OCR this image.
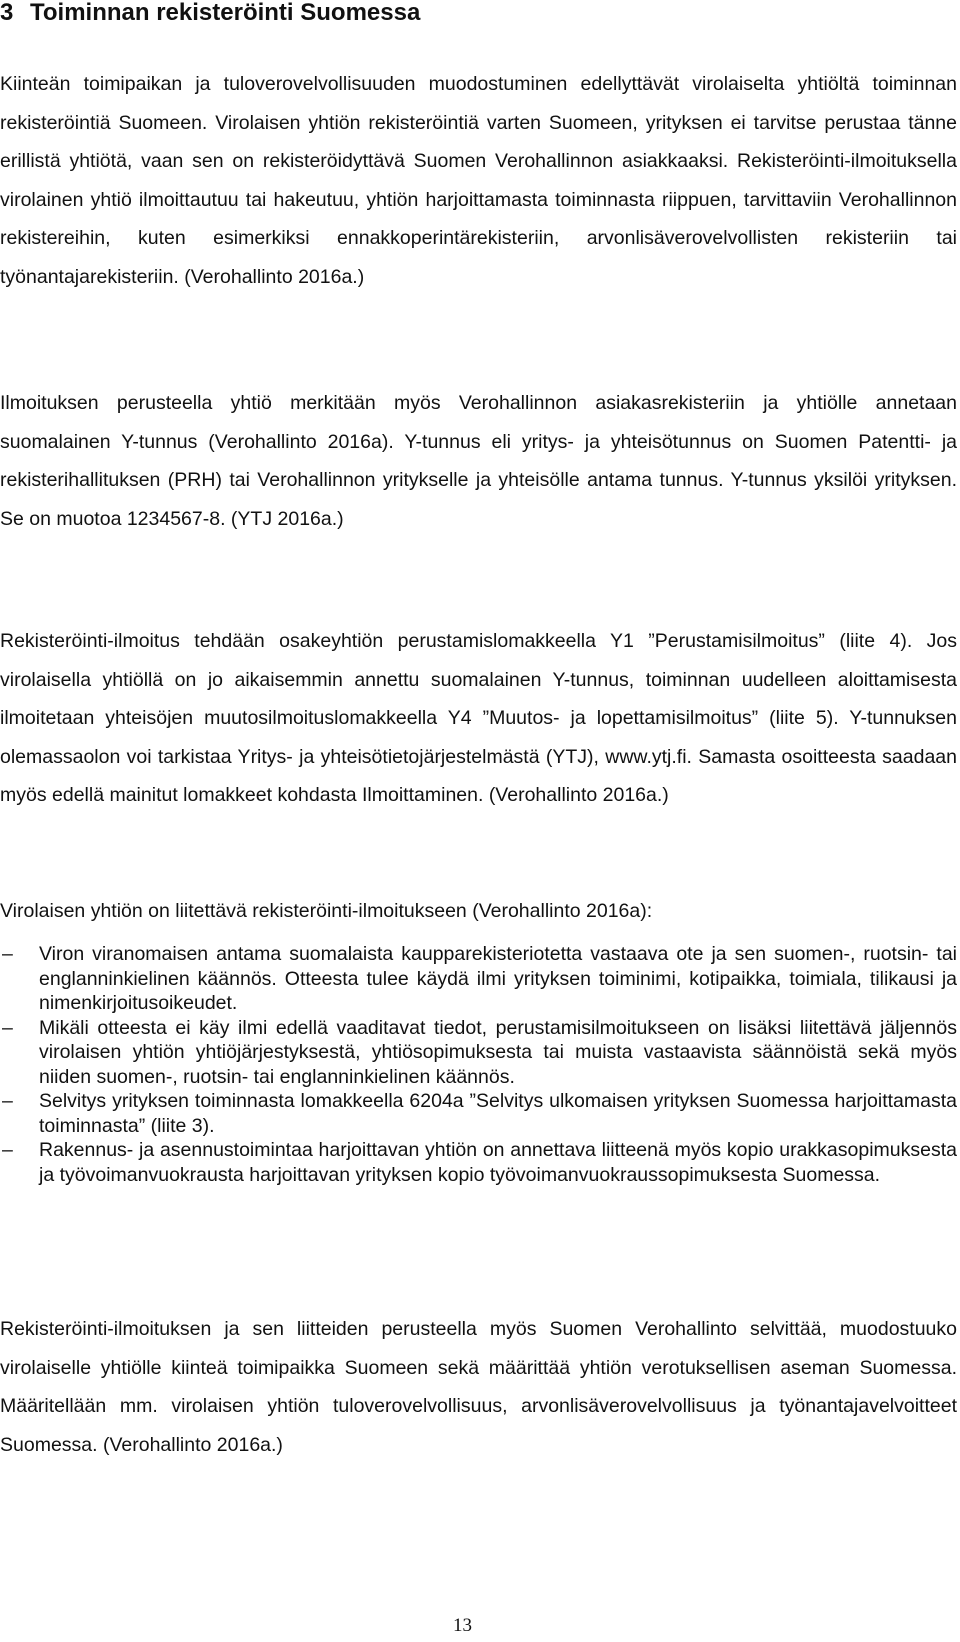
3 Toiminnan rekisteröinti Suomessa

Kiinteän toimipaikan ja tuloverovelvollisuuden muodostuminen edellyttävät virolaiselta yhtiöltä toiminnan rekisteröintiä Suomeen. Virolaisen yhtiön rekisteröintiä varten Suomeen, yrityksen ei tarvitse perustaa tänne erillistä yhtiötä, vaan sen on rekisteröidyttävä Suomen Verohallinnon asiakkaaksi. Rekisteröinti-ilmoituksella virolainen yhtiö ilmoittautuu tai hakeutuu, yhtiön harjoittamasta toiminnasta riippuen, tarvittaviin Verohallinnon rekistereihin, kuten esimerkiksi ennakkoperintärekisteriin, arvonlisäverovelvollisten rekisteriin tai työnantajarekisteriin. (Verohallinto 2016a.)

Ilmoituksen perusteella yhtiö merkitään myös Verohallinnon asiakasrekisteriin ja yhtiölle annetaan suomalainen Y-tunnus (Verohallinto 2016a). Y-tunnus eli yritys- ja yhteisötunnus on Suomen Patentti- ja rekisterihallituksen (PRH) tai Verohallinnon yritykselle ja yhteisölle antama tunnus. Y-tunnus yksilöi yrityksen. Se on muotoa 1234567-8. (YTJ 2016a.)

Rekisteröinti-ilmoitus tehdään osakeyhtiön perustamislomakkeella Y1 ”Perustamisilmoitus” (liite 4). Jos virolaisella yhtiöllä on jo aikaisemmin annettu suomalainen Y-tunnus, toiminnan uudelleen aloittamisesta ilmoitetaan yhteisöjen muutosilmoituslomakkeella Y4 ”Muutos- ja lopettamisilmoitus” (liite 5). Y-tunnuksen olemassaolon voi tarkistaa Yritys- ja yhteisötietojärjestelmästä (YTJ), www.ytj.fi. Samasta osoitteesta saadaan myös edellä mainitut lomakkeet kohdasta Ilmoittaminen. (Verohallinto 2016a.)

Virolaisen yhtiön on liitettävä rekisteröinti-ilmoitukseen (Verohallinto 2016a):

–	Viron viranomaisen antama suomalaista kaupparekisteriotetta vastaava ote ja sen suomen-, ruotsin- tai englanninkielinen käännös. Otteesta tulee käydä ilmi yrityksen toiminimi, kotipaikka, toimiala, tilikausi ja nimenkirjoitusoikeudet.
–	Mikäli otteesta ei käy ilmi edellä vaaditavat tiedot, perustamisilmoitukseen on lisäksi liitettävä jäljennös virolaisen yhtiön yhtiöjärjestyksestä, yhtiösopimuksesta tai muista vastaavista säännöistä sekä myös niiden suomen-, ruotsin- tai englanninkielinen käännös.
–	Selvitys yrityksen toiminnasta lomakkeella 6204a ”Selvitys ulkomaisen yrityksen Suomessa harjoittamasta toiminnasta” (liite 3).
–	Rakennus- ja asennustoimintaa harjoittavan yhtiön on annettava liitteenä myös kopio urakkasopimuksesta ja työvoimanvuokrausta harjoittavan yrityksen kopio työvoimanvuokraussopimuksesta Suomessa.

Rekisteröinti-ilmoituksen ja sen liitteiden perusteella myös Suomen Verohallinto selvittää, muodostuuko virolaiselle yhtiölle kiinteä toimipaikka Suomeen sekä määrittää yhtiön verotuksellisen aseman Suomessa. Määritellään mm. virolaisen yhtiön tuloverovelvollisuus, arvonlisäverovelvollisuus ja työnantajavelvoitteet Suomessa. (Verohallinto 2016a.)

13
